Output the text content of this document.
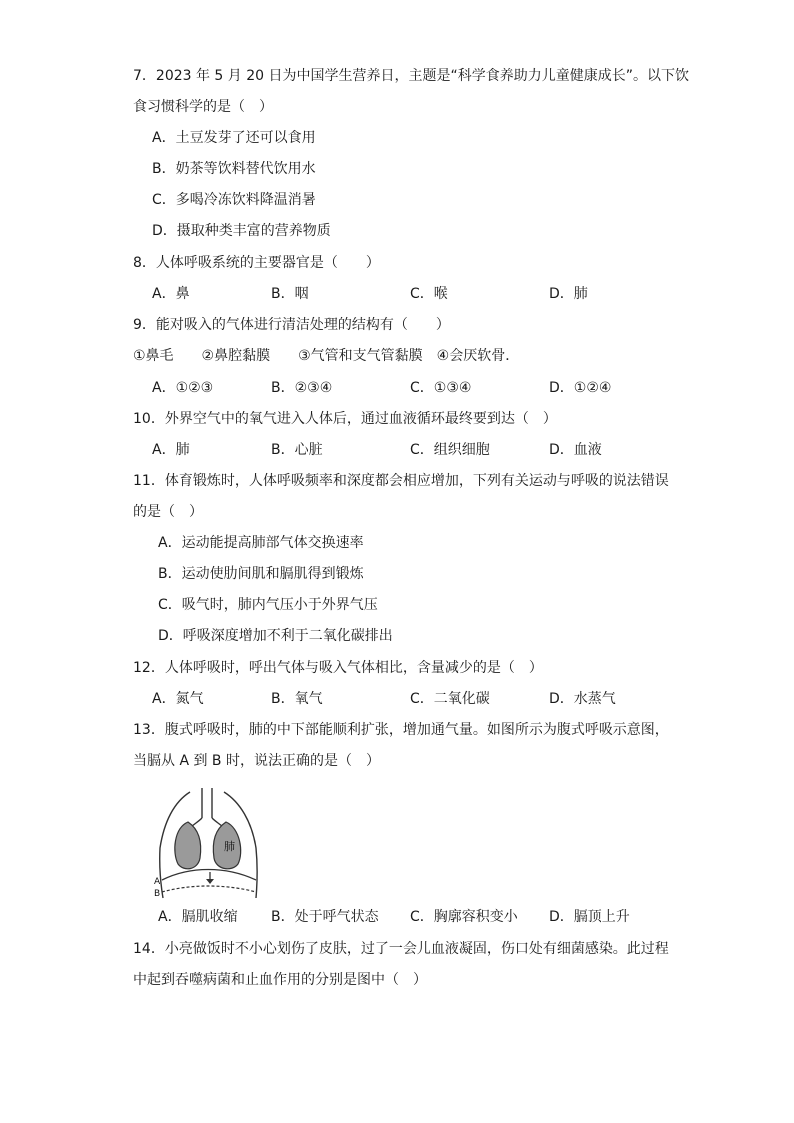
7．2023 年 5 月 20 日为中国学生营养日，主题是“科学食养助力儿童健康成长”。以下饮
食习惯科学的是（　）
A．土豆发芽了还可以食用
B．奶茶等饮料替代饮用水
C．多喝冷冻饮料降温消暑
D．摄取种类丰富的营养物质
8．人体呼吸系统的主要器官是（　　）
A．鼻	B．咽	C．喉	D．肺
9．能对吸入的气体进行清洁处理的结构有（　　）
①鼻毛　　②鼻腔黏膜　　③气管和支气管黏膜　④会厌软骨．
A．①②③	B．②③④	C．①③④	D．①②④
10．外界空气中的氧气进入人体后，通过血液循环最终要到达（　）
A．肺	B．心脏	C．组织细胞	D．血液
11．体育锻炼时，人体呼吸频率和深度都会相应增加，下列有关运动与呼吸的说法错误
的是（　）
A．运动能提高肺部气体交换速率
B．运动使肋间肌和膈肌得到锻炼
C．吸气时，肺内气压小于外界气压
D．呼吸深度增加不利于二氧化碳排出
12．人体呼吸时，呼出气体与吸入气体相比，含量减少的是（　）
A．氮气	B．氧气	C．二氧化碳	D．水蒸气
13．腹式呼吸时，肺的中下部能顺利扩张，增加通气量。如图所示为腹式呼吸示意图，
当膈从 A 到 B 时，说法正确的是（　）
肺
A
B
A．膈肌收缩 B．处于呼气状态 C．胸廓容积变小 D．膈顶上升
14．小亮做饭时不小心划伤了皮肤，过了一会儿血液凝固，伤口处有细菌感染。此过程
中起到吞噬病菌和止血作用的分别是图中（　）
